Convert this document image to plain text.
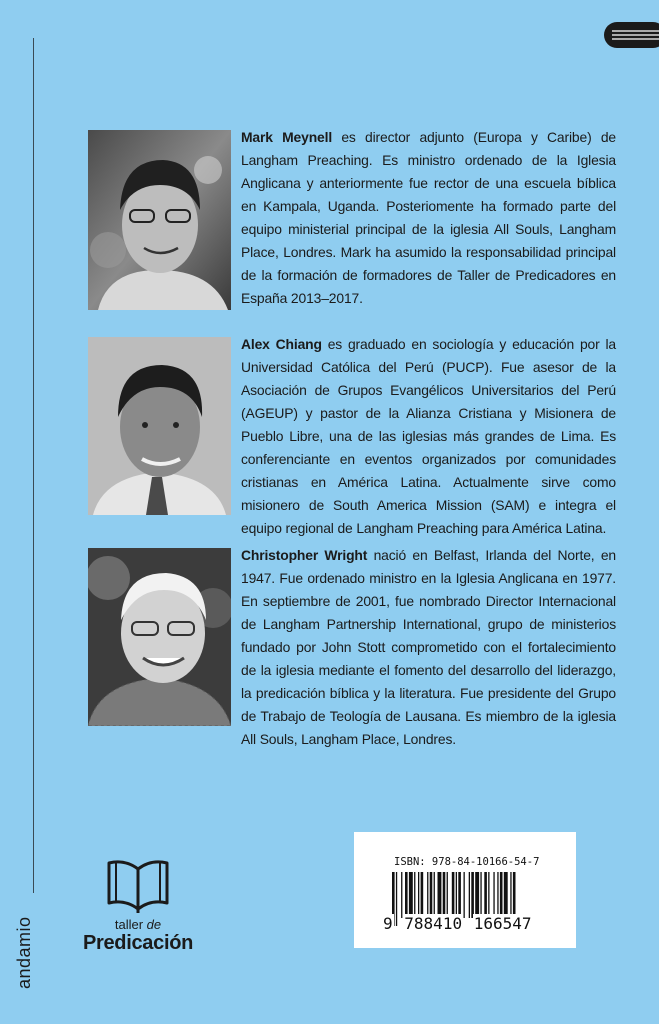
andamio
Mark Meynell es director adjunto (Europa y Caribe) de Langham Preaching. Es ministro ordenado de la Iglesia Anglicana y anteriormente fue rector de una escuela bíblica en Kampala, Uganda. Posteriomente ha formado parte del equipo ministerial principal de la iglesia All Souls, Langham Place, Londres. Mark ha asumido la responsabilidad principal de la formación de formadores de Taller de Predicadores en España 2013–2017.
Alex Chiang es graduado en sociología y educación por la Universidad Católica del Perú (PUCP). Fue asesor de la Asociación de Grupos Evangélicos Universitarios del Perú (AGEUP) y pastor de la Alianza Cristiana y Misionera de Pueblo Libre, una de las iglesias más grandes de Lima. Es conferenciante en eventos organizados por comunidades cristianas en América Latina. Actualmente sirve como misionero de South America Mission (SAM) e integra el equipo regional de Langham Preaching para América Latina.
Christopher Wright nació en Belfast, Irlanda del Norte, en 1947. Fue ordenado ministro en la Iglesia Anglicana en 1977. En septiembre de 2001, fue nombrado Director Internacional de Langham Partnership International, grupo de ministerios fundado por John Stott comprometido con el fortalecimiento de la iglesia mediante el fomento del desarrollo del liderazgo, la predicación bíblica y la literatura. Fue presidente del Grupo de Trabajo de Teología de Lausana. Es miembro de la iglesia All Souls, Langham Place, Londres.
taller de
Predicación
ISBN: 978-84-10166-54-7
9 788410 166547
